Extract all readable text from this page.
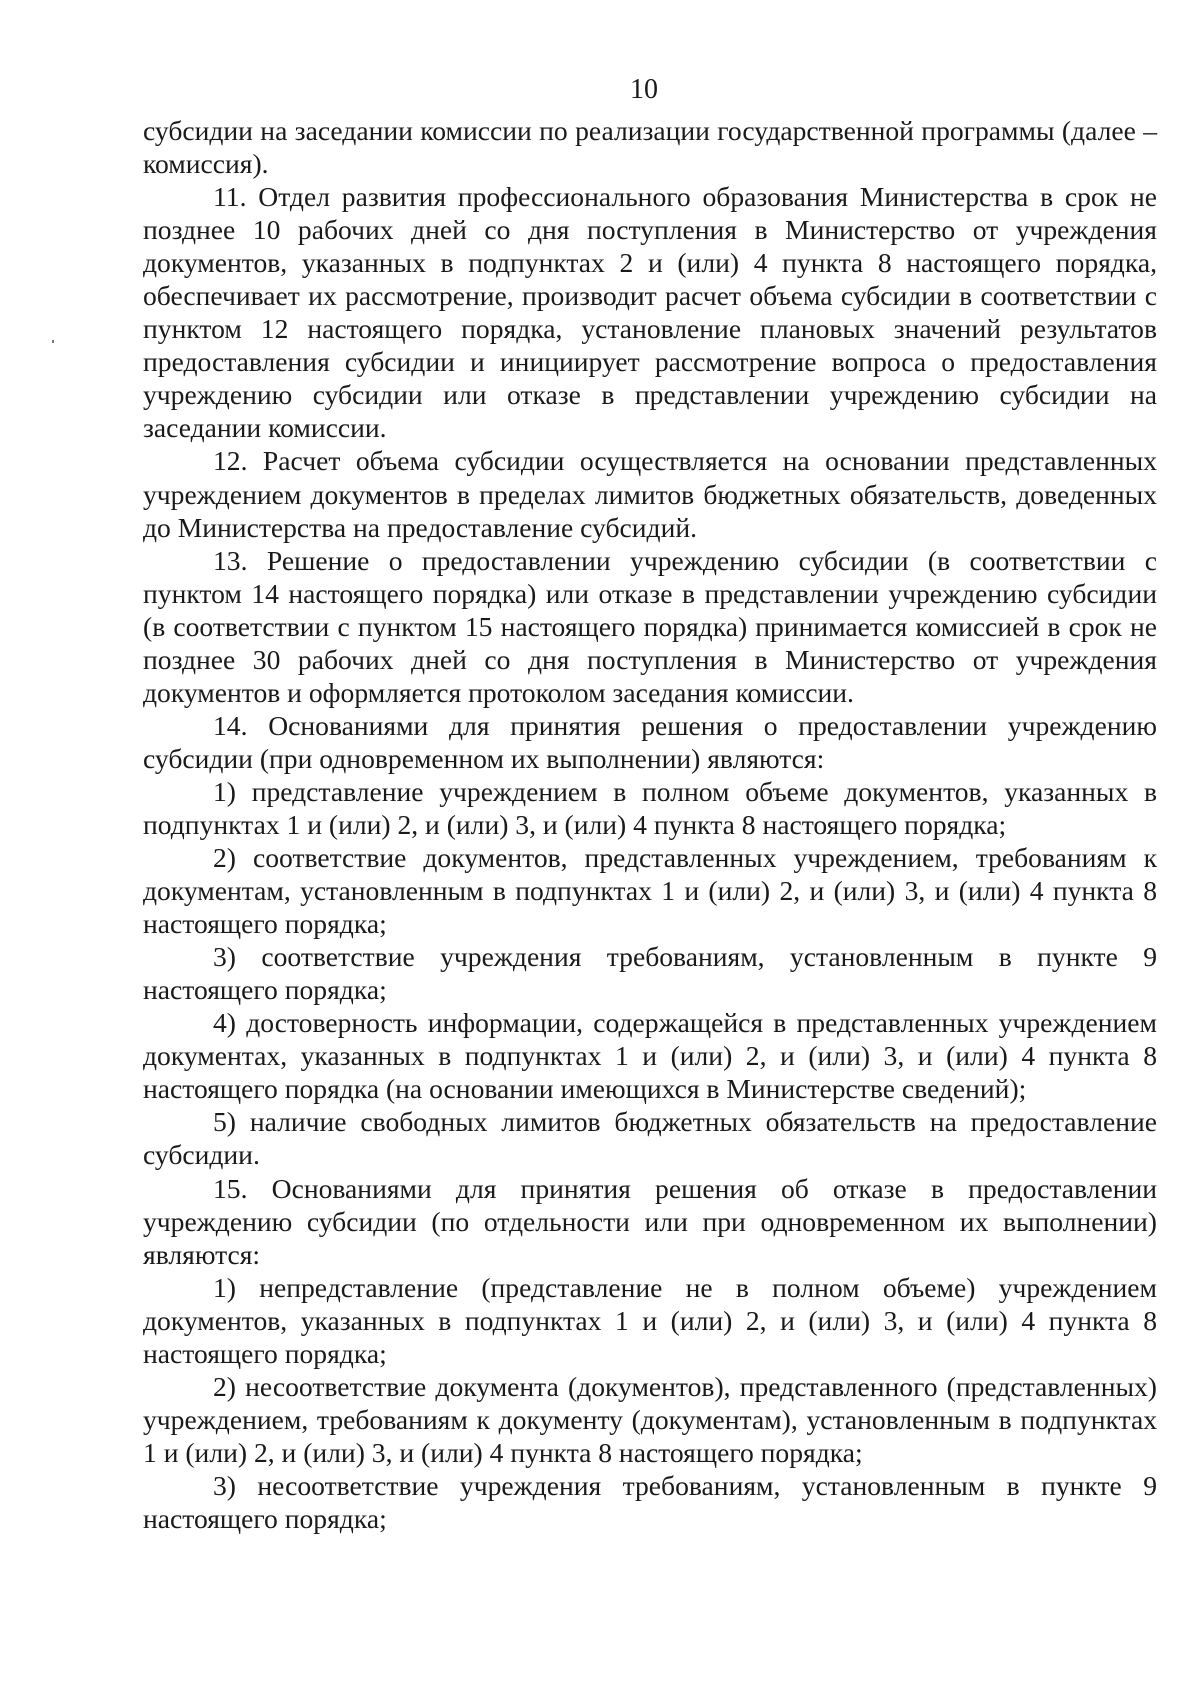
10

субсидии на заседании комиссии по реализации государственной программы (далее – комиссия).

11. Отдел развития профессионального образования Министерства в срок не позднее 10 рабочих дней со дня поступления в Министерство от учреждения документов, указанных в подпунктах 2 и (или) 4 пункта 8 настоящего порядка, обеспечивает их рассмотрение, производит расчет объема субсидии в соответствии с пунктом 12 настоящего порядка, установление плановых значений результатов предоставления субсидии и инициирует рассмотрение вопроса о предоставления учреждению субсидии или отказе в представлении учреждению субсидии на заседании комиссии.

12. Расчет объема субсидии осуществляется на основании представленных учреждением документов в пределах лимитов бюджетных обязательств, доведенных до Министерства на предоставление субсидий.

13. Решение о предоставлении учреждению субсидии (в соответствии с пунктом 14 настоящего порядка) или отказе в представлении учреждению субсидии (в соответствии с пунктом 15 настоящего порядка) принимается комиссией в срок не позднее 30 рабочих дней со дня поступления в Министерство от учреждения документов и оформляется протоколом заседания комиссии.

14. Основаниями для принятия решения о предоставлении учреждению субсидии (при одновременном их выполнении) являются:

1) представление учреждением в полном объеме документов, указанных в подпунктах 1 и (или) 2, и (или) 3, и (или) 4 пункта 8 настоящего порядка;

2) соответствие документов, представленных учреждением, требованиям к документам, установленным в подпунктах 1 и (или) 2, и (или) 3, и (или) 4 пункта 8 настоящего порядка;

3) соответствие учреждения требованиям, установленным в пункте 9 настоящего порядка;

4) достоверность информации, содержащейся в представленных учреждением документах, указанных в подпунктах 1 и (или) 2, и (или) 3, и (или) 4 пункта 8 настоящего порядка (на основании имеющихся в Министерстве сведений);

5) наличие свободных лимитов бюджетных обязательств на предоставление субсидии.

15. Основаниями для принятия решения об отказе в предоставлении учреждению субсидии (по отдельности или при одновременном их выполнении) являются:

1) непредставление (представление не в полном объеме) учреждением документов, указанных в подпунктах 1 и (или) 2, и (или) 3, и (или) 4 пункта 8 настоящего порядка;

2) несоответствие документа (документов), представленного (представленных) учреждением, требованиям к документу (документам), установленным в подпунктах 1 и (или) 2, и (или) 3, и (или) 4 пункта 8 настоящего порядка;

3) несоответствие учреждения требованиям, установленным в пункте 9 настоящего порядка;
